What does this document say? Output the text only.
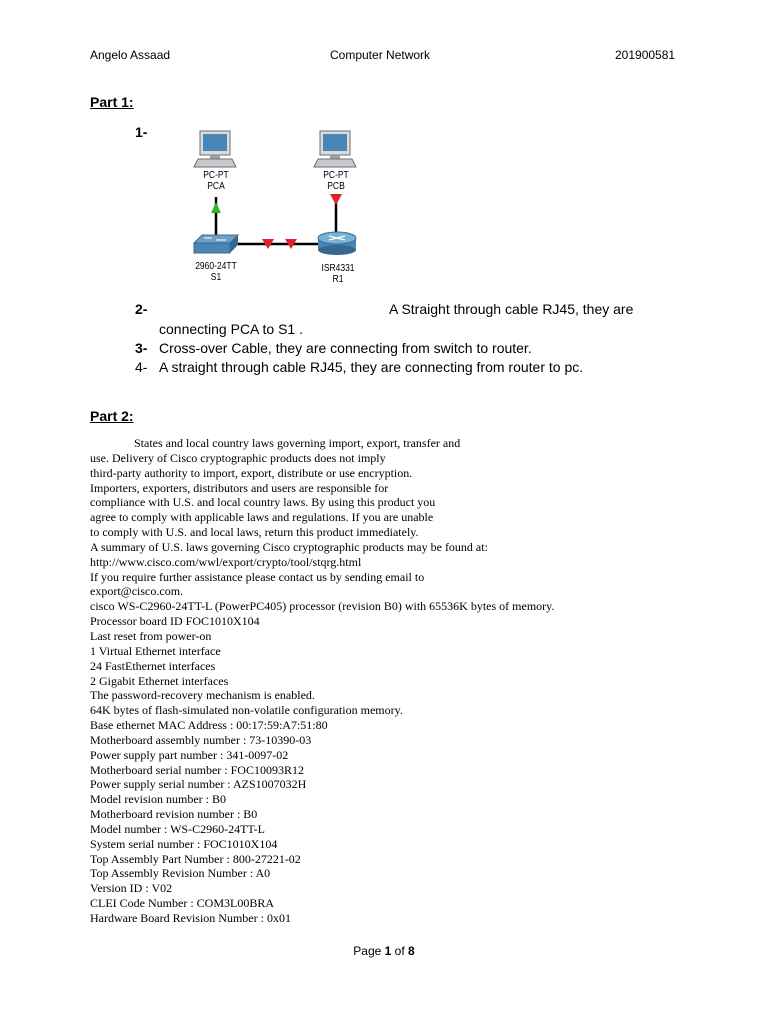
Angelo Assaad	Computer Network	201900581
Part 1:
1-
PC-PT
PCA
PC-PT
PCB
2960-24TT
S1
ISR4331
R1
2-	A Straight through cable RJ45, they are
connecting PCA to S1 .
3- Cross-over Cable, they are connecting from switch to router.
4- A straight through cable RJ45, they are connecting from router to pc.
Part 2:
States and local country laws governing import, export, transfer and
use. Delivery of Cisco cryptographic products does not imply
third-party authority to import, export, distribute or use encryption.
Importers, exporters, distributors and users are responsible for
compliance with U.S. and local country laws. By using this product you
agree to comply with applicable laws and regulations. If you are unable
to comply with U.S. and local laws, return this product immediately.
A summary of U.S. laws governing Cisco cryptographic products may be found at:
http://www.cisco.com/wwl/export/crypto/tool/stqrg.html
If you require further assistance please contact us by sending email to
export@cisco.com.
cisco WS-C2960-24TT-L (PowerPC405) processor (revision B0) with 65536K bytes of memory.
Processor board ID FOC1010X104
Last reset from power-on
1 Virtual Ethernet interface
24 FastEthernet interfaces
2 Gigabit Ethernet interfaces
The password-recovery mechanism is enabled.
64K bytes of flash-simulated non-volatile configuration memory.
Base ethernet MAC Address : 00:17:59:A7:51:80
Motherboard assembly number : 73-10390-03
Power supply part number : 341-0097-02
Motherboard serial number : FOC10093R12
Power supply serial number : AZS1007032H
Model revision number : B0
Motherboard revision number : B0
Model number : WS-C2960-24TT-L
System serial number : FOC1010X104
Top Assembly Part Number : 800-27221-02
Top Assembly Revision Number : A0
Version ID : V02
CLEI Code Number : COM3L00BRA
Hardware Board Revision Number : 0x01
Page 1 of 8
